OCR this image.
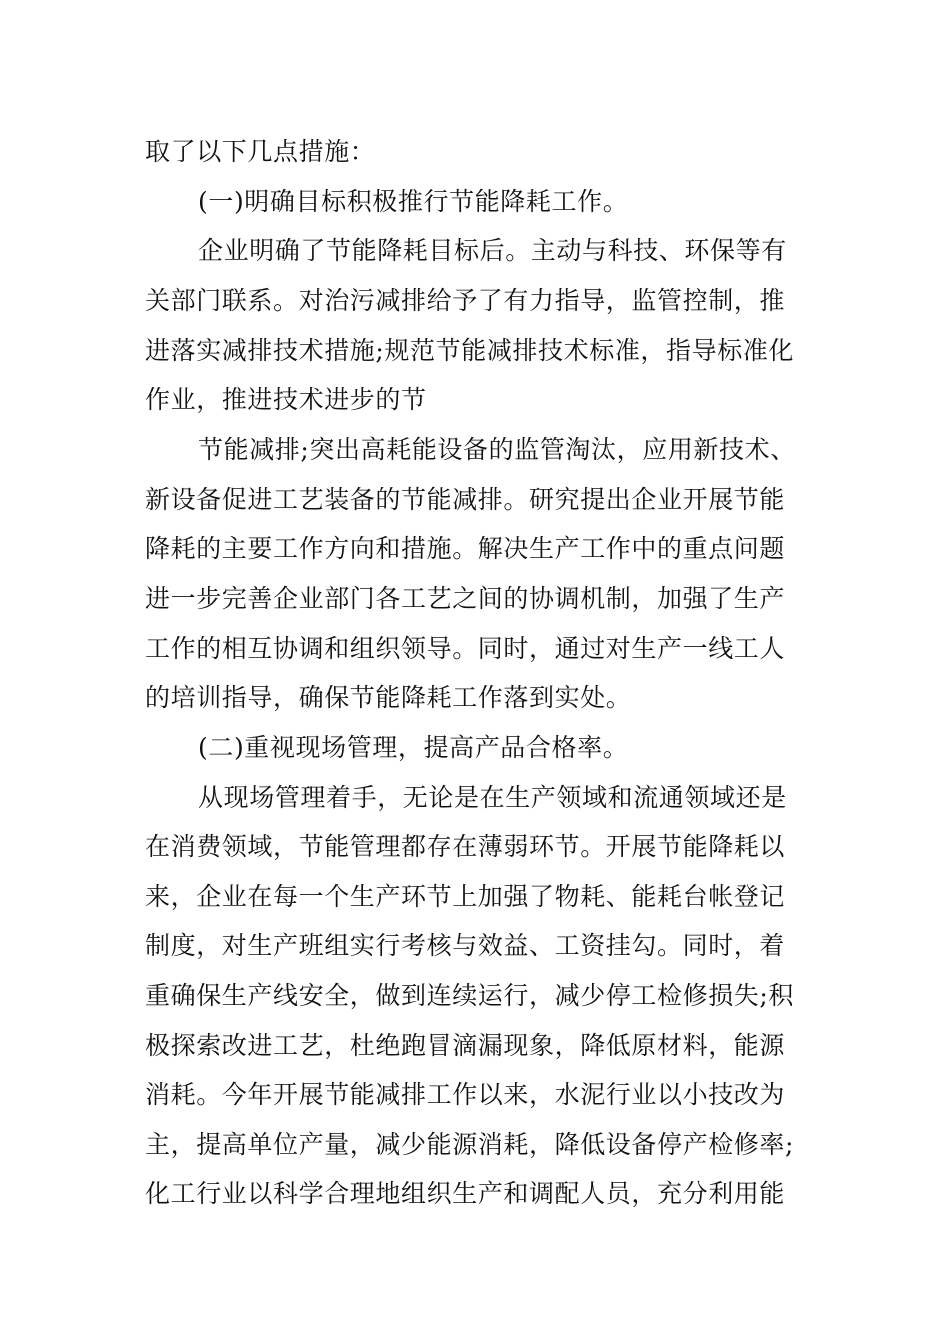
取了以下几点措施：
(一)明确目标积极推行节能降耗工作。
企业明确了节能降耗目标后。主动与科技、环保等有
关部门联系。对治污减排给予了有力指导，监管控制，推
进落实减排技术措施;规范节能减排技术标准，指导标准化
作业，推进技术进步的节
节能减排;突出高耗能设备的监管淘汰，应用新技术、
新设备促进工艺装备的节能减排。研究提出企业开展节能
降耗的主要工作方向和措施。解决生产工作中的重点问题
进一步完善企业部门各工艺之间的协调机制，加强了生产
工作的相互协调和组织领导。同时，通过对生产一线工人
的培训指导，确保节能降耗工作落到实处。
(二)重视现场管理，提高产品合格率。
从现场管理着手，无论是在生产领域和流通领域还是
在消费领域，节能管理都存在薄弱环节。开展节能降耗以
来，企业在每一个生产环节上加强了物耗、能耗台帐登记
制度，对生产班组实行考核与效益、工资挂勾。同时，着
重确保生产线安全，做到连续运行，减少停工检修损失;积
极探索改进工艺，杜绝跑冒滴漏现象，降低原材料，能源
消耗。今年开展节能减排工作以来，水泥行业以小技改为
主，提高单位产量，减少能源消耗，降低设备停产检修率;
化工行业以科学合理地组织生产和调配人员，充分利用能
